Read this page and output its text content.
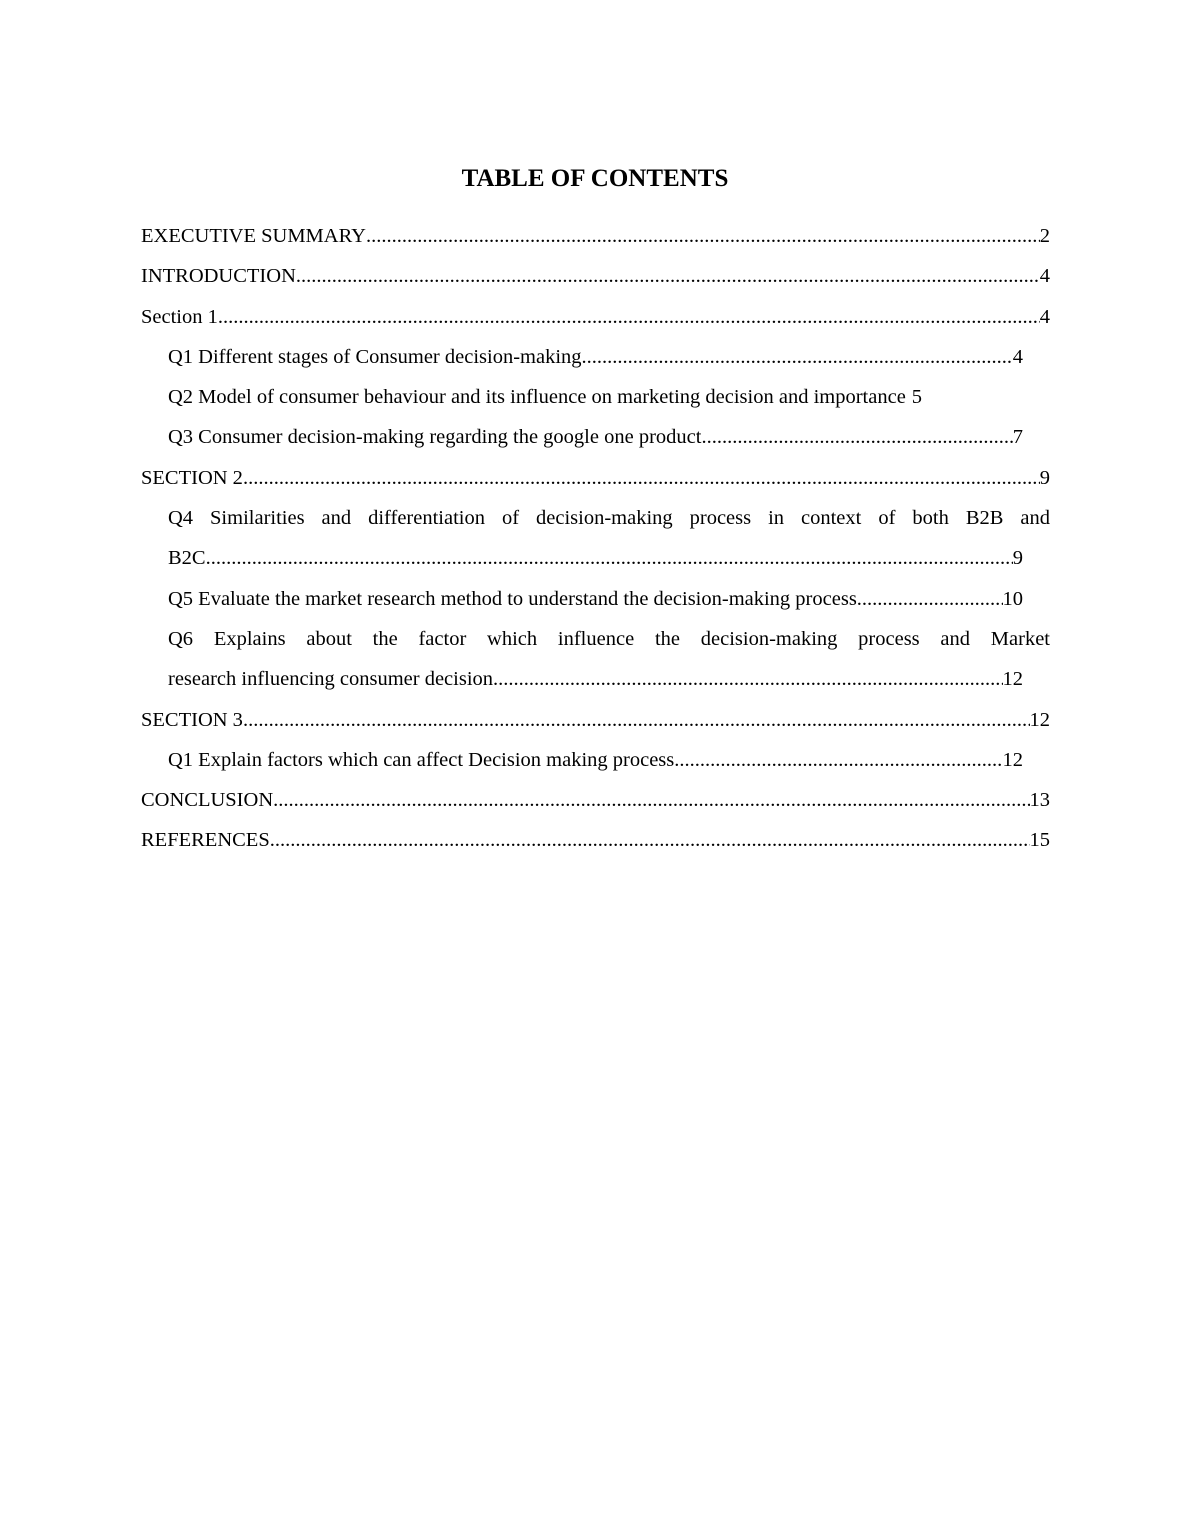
TABLE OF CONTENTS
EXECUTIVE SUMMARY .....	2
INTRODUCTION .....	4
Section 1 .....	4
Q1 Different stages of Consumer decision-making .....	4
Q2 Model of consumer behaviour and its influence on marketing decision and importance 5
Q3 Consumer decision-making regarding the google one product .....	7
SECTION 2 .....	9
Q4 Similarities and differentiation of decision-making process in context of both B2B and
B2C .....	9
Q5 Evaluate the market research method to understand the decision-making process .....	10
Q6 Explains about the factor which influence the decision-making process and Market
research influencing consumer decision .....	12
SECTION 3 .....	12
Q1 Explain factors which can affect Decision making process .....	12
CONCLUSION .....	13
REFERENCES .....	15
